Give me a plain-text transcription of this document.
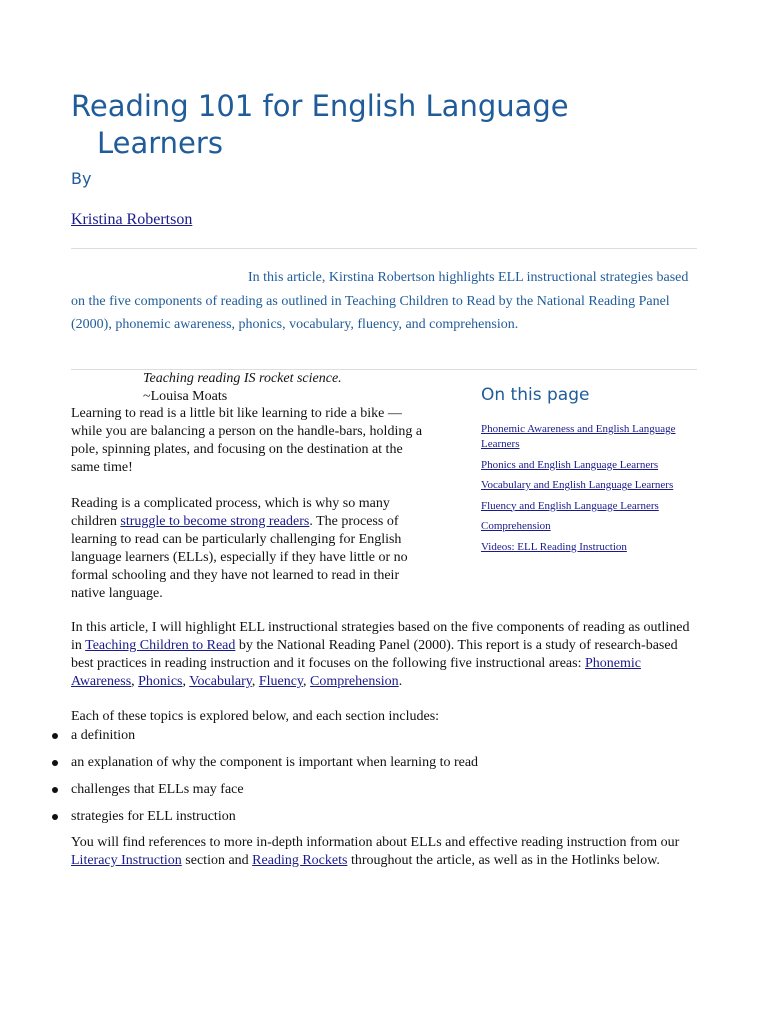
Reading 101 for English Language
Learners
By
Kristina Robertson

In this article, Kirstina Robertson highlights ELL instructional strategies based on the five components of reading as outlined in Teaching Children to Read by the National Reading Panel (2000), phonemic awareness, phonics, vocabulary, fluency, and comprehension.

Teaching reading IS rocket science.
~Louisa Moats

Learning to read is a little bit like learning to ride a bike — while you are balancing a person on the handle-bars, holding a pole, spinning plates, and focusing on the destination at the same time!

Reading is a complicated process, which is why so many children struggle to become strong readers. The process of learning to read can be particularly challenging for English language learners (ELLs), especially if they have little or no formal schooling and they have not learned to read in their native language.

On this page
Phonemic Awareness and English Language Learners
Phonics and English Language Learners
Vocabulary and English Language Learners
Fluency and English Language Learners
Comprehension
Videos: ELL Reading Instruction

In this article, I will highlight ELL instructional strategies based on the five components of reading as outlined in Teaching Children to Read by the National Reading Panel (2000). This report is a study of research-based best practices in reading instruction and it focuses on the following five instructional areas: Phonemic Awareness, Phonics, Vocabulary, Fluency, Comprehension.

Each of these topics is explored below, and each section includes:

a definition
an explanation of why the component is important when learning to read
challenges that ELLs may face
strategies for ELL instruction

You will find references to more in-depth information about ELLs and effective reading instruction from our Literacy Instruction section and Reading Rockets throughout the article, as well as in the Hotlinks below.
